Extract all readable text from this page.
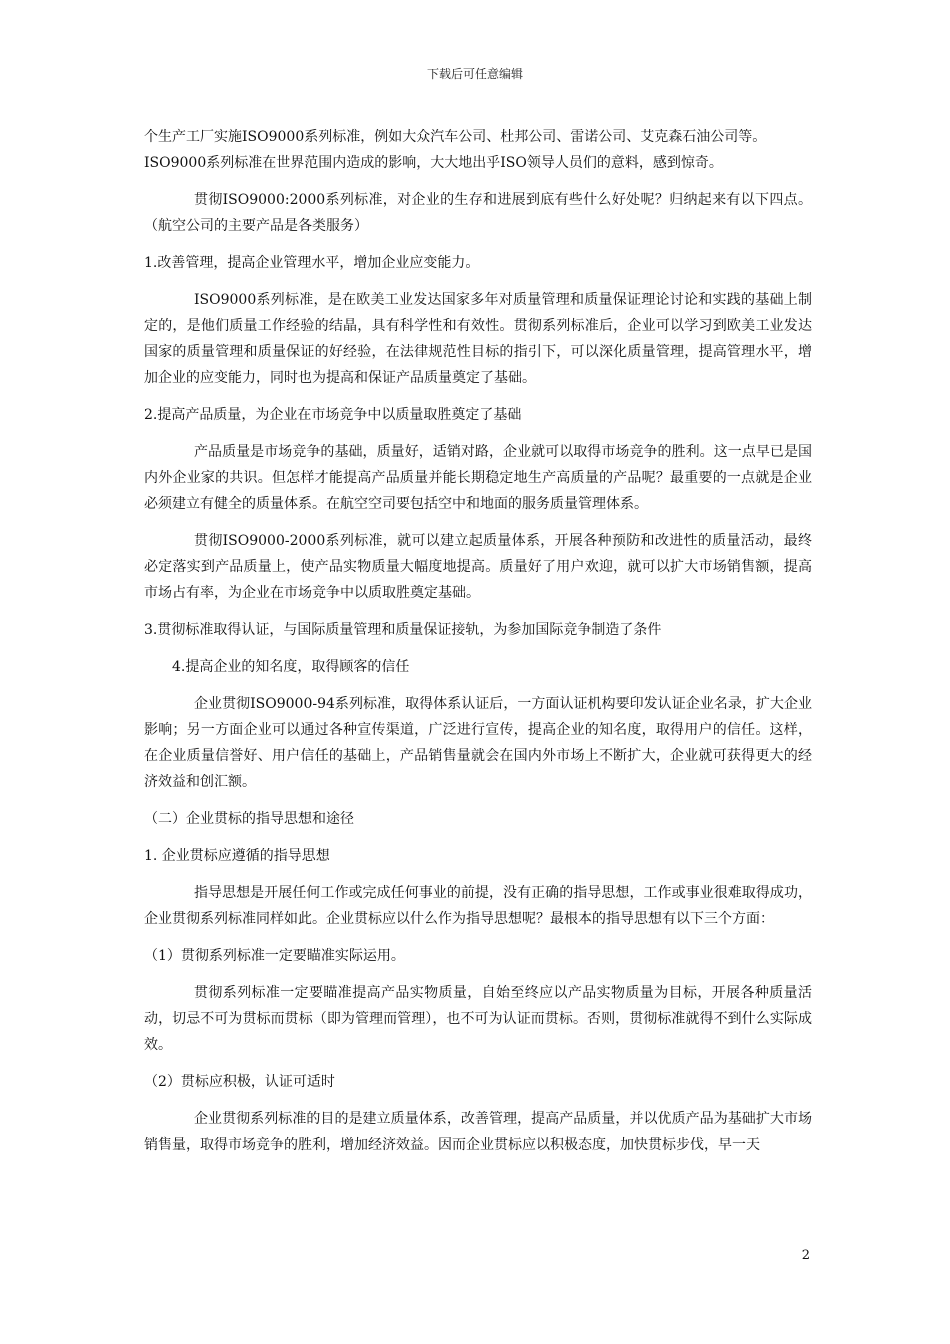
下载后可任意编辑

个生产工厂实施ISO9000系列标准，例如大众汽车公司、杜邦公司、雷诺公司、艾克森石油公司等。

ISO9000系列标准在世界范围内造成的影响，大大地出乎ISO领导人员们的意料，感到惊奇。

贯彻ISO9000:2000系列标准，对企业的生存和进展到底有些什么好处呢？归纳起来有以下四点。（航空公司的主要产品是各类服务）

1.改善管理，提高企业管理水平，增加企业应变能力。

ISO9000系列标准，是在欧美工业发达国家多年对质量管理和质量保证理论讨论和实践的基础上制定的，是他们质量工作经验的结晶，具有科学性和有效性。贯彻系列标准后，企业可以学习到欧美工业发达国家的质量管理和质量保证的好经验，在法律规范性目标的指引下，可以深化质量管理，提高管理水平，增加企业的应变能力，同时也为提高和保证产品质量奠定了基础。

2.提高产品质量，为企业在市场竞争中以质量取胜奠定了基础

产品质量是市场竞争的基础，质量好，适销对路，企业就可以取得市场竞争的胜利。这一点早已是国内外企业家的共识。但怎样才能提高产品质量并能长期稳定地生产高质量的产品呢？最重要的一点就是企业必须建立有健全的质量体系。在航空空司要包括空中和地面的服务质量管理体系。

贯彻ISO9000-2000系列标准，就可以建立起质量体系，开展各种预防和改进性的质量活动，最终必定落实到产品质量上，使产品实物质量大幅度地提高。质量好了用户欢迎，就可以扩大市场销售额，提高市场占有率，为企业在市场竞争中以质取胜奠定基础。

3.贯彻标准取得认证，与国际质量管理和质量保证接轨，为参加国际竞争制造了条件

4.提高企业的知名度，取得顾客的信任

企业贯彻ISO9000-94系列标准，取得体系认证后，一方面认证机构要印发认证企业名录，扩大企业影响；另一方面企业可以通过各种宣传渠道，广泛进行宣传，提高企业的知名度，取得用户的信任。这样，在企业质量信誉好、用户信任的基础上，产品销售量就会在国内外市场上不断扩大，企业就可获得更大的经济效益和创汇额。

（二）企业贯标的指导思想和途径

1. 企业贯标应遵循的指导思想

指导思想是开展任何工作或完成任何事业的前提，没有正确的指导思想，工作或事业很难取得成功，企业贯彻系列标准同样如此。企业贯标应以什么作为指导思想呢？最根本的指导思想有以下三个方面：

（1）贯彻系列标准一定要瞄准实际运用。

贯彻系列标准一定要瞄准提高产品实物质量，自始至终应以产品实物质量为目标，开展各种质量活动，切忌不可为贯标而贯标（即为管理而管理），也不可为认证而贯标。否则，贯彻标准就得不到什么实际成效。

（2）贯标应积极，认证可适时

企业贯彻系列标准的目的是建立质量体系，改善管理，提高产品质量，并以优质产品为基础扩大市场销售量，取得市场竞争的胜利，增加经济效益。因而企业贯标应以积极态度，加快贯标步伐，早一天

2
